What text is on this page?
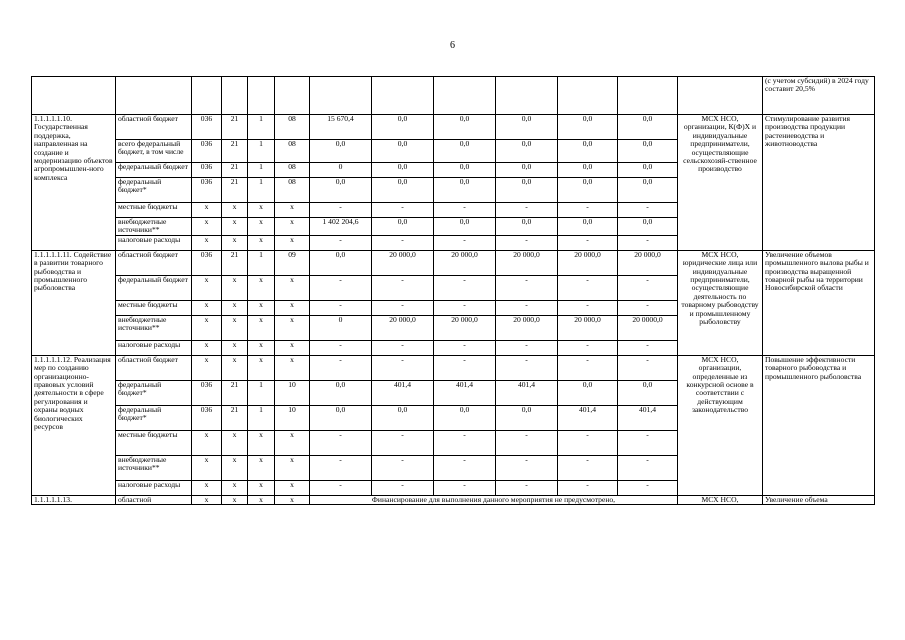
6
													(с учетом субсидий) в 2024 году составит 20,5%
1.1.1.1.1.10. Государственная поддержка, направленная на создание и модернизацию объектов агропромышлен-ного комплекса	областной бюджет	036	21	1	08	15 670,4	0,0	0,0	0,0	0,0	0,0	МСХ НСО, организации, К(Ф)Х и индивидуальные предприниматели, осуществляющие сельскохозяй-ственное производство	Стимулирование развития производства продукции растениеводства и животноводства
	всего федеральный бюджет, в том числе	036	21	1	08	0,0	0,0	0,0	0,0	0,0	0,0		
	федеральный бюджет	036	21	1	08	0	0,0	0,0	0,0	0,0	0,0		
	федеральный бюджет*	036	21	1	08	0,0	0,0	0,0	0,0	0,0	0,0		
	местные бюджеты	x	x	x	x	-	-	-	-	-	-		
	внебюджетные источники**	x	x	x	x	1 402 204,6	0,0	0,0	0,0	0,0	0,0		
	налоговые расходы	x	x	x	x	-	-	-	-	-	-		
1.1.1.1.1.11. Содействие в развитии товарного рыбоводства и промышленного рыболовства	областной бюджет	036	21	1	09	0,0	20 000,0	20 000,0	20 000,0	20 000,0	20 000,0	МСХ НСО, юридические лица или индивидуальные предприниматели, осуществляющие деятельность по товарному рыбоводству и промышленному рыболовству	Увеличение объемов промышленного вылова рыбы и производства выращенной товарной рыбы на территории Новосибирской области
	федеральный бюджет	x	x	x	x	-	-	-	-	-	-		
	местные бюджеты	x	x	x	x	-	-	-	-	-	-		
	внебюджетные источники**	x	x	x	x	0	20 000,0	20 000,0	20 000,0	20 000,0	20 0000,0		
	налоговые расходы	x	x	x	x	-	-	-	-	-	-		
1.1.1.1.1.12. Реализация мер по созданию организационно-правовых условий деятельности в сфере регулирования и охраны водных биологических ресурсов	областной бюджет	x	x	x	x	-	-	-	-	-	-	МСХ НСО, организации, определенные из конкурсной основе в соответствии с действующим законодательство	Повышение эффективности товарного рыбоводства и промышленного рыболовства
	федеральный бюджет*	036	21	1	10	0,0	401,4	401,4	401,4	0,0	0,0		
	федеральный бюджет*	036	21	1	10	0,0	0,0	0,0	0,0	401,4	401,4		
	местные бюджеты	x	x	x	x	-	-	-	-	-	-		
	внебюджетные источники**	x	x	x	x	-	-	-	-	-	-		
	налоговые расходы	x	x	x	x	-	-	-	-	-	-		
1.1.1.1.1.13.	областной	x	x	x	x	Финансирование для выполнения данного мероприятия не предусмотрено,						МСХ НСО,	Увеличение объема
